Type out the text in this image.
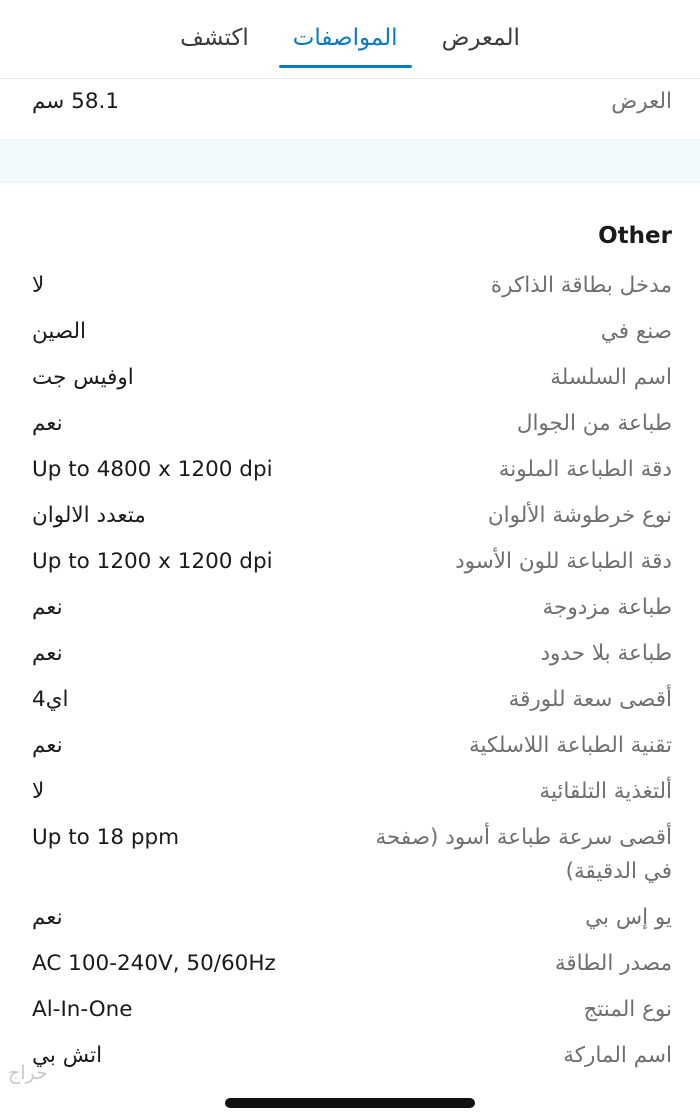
المعرض
المواصفات
اكتشف
العرض
58.1 سم
Other
مدخل بطاقة الذاكرة
لا
صنع في
الصين
اسم السلسلة
اوفيس جت
طباعة من الجوال
نعم
دقة الطباعة الملونة
Up to 4800 x 1200 dpi
نوع خرطوشة الألوان
متعدد الالوان
دقة الطباعة للون الأسود
Up to 1200 x 1200 dpi
طباعة مزدوجة
نعم
طباعة بلا حدود
نعم
أقصى سعة للورقة
اي4
تقنية الطباعة اللاسلكية
نعم
ألتغذية التلقائية
لا
أقصى سرعة طباعة أسود (صفحة في الدقيقة)
Up to 18 ppm
يو إس بي
نعم
مصدر الطاقة
AC 100-240V, 50/60Hz
نوع المنتج
Al-In-One
اسم الماركة
اتش بي
حراج
